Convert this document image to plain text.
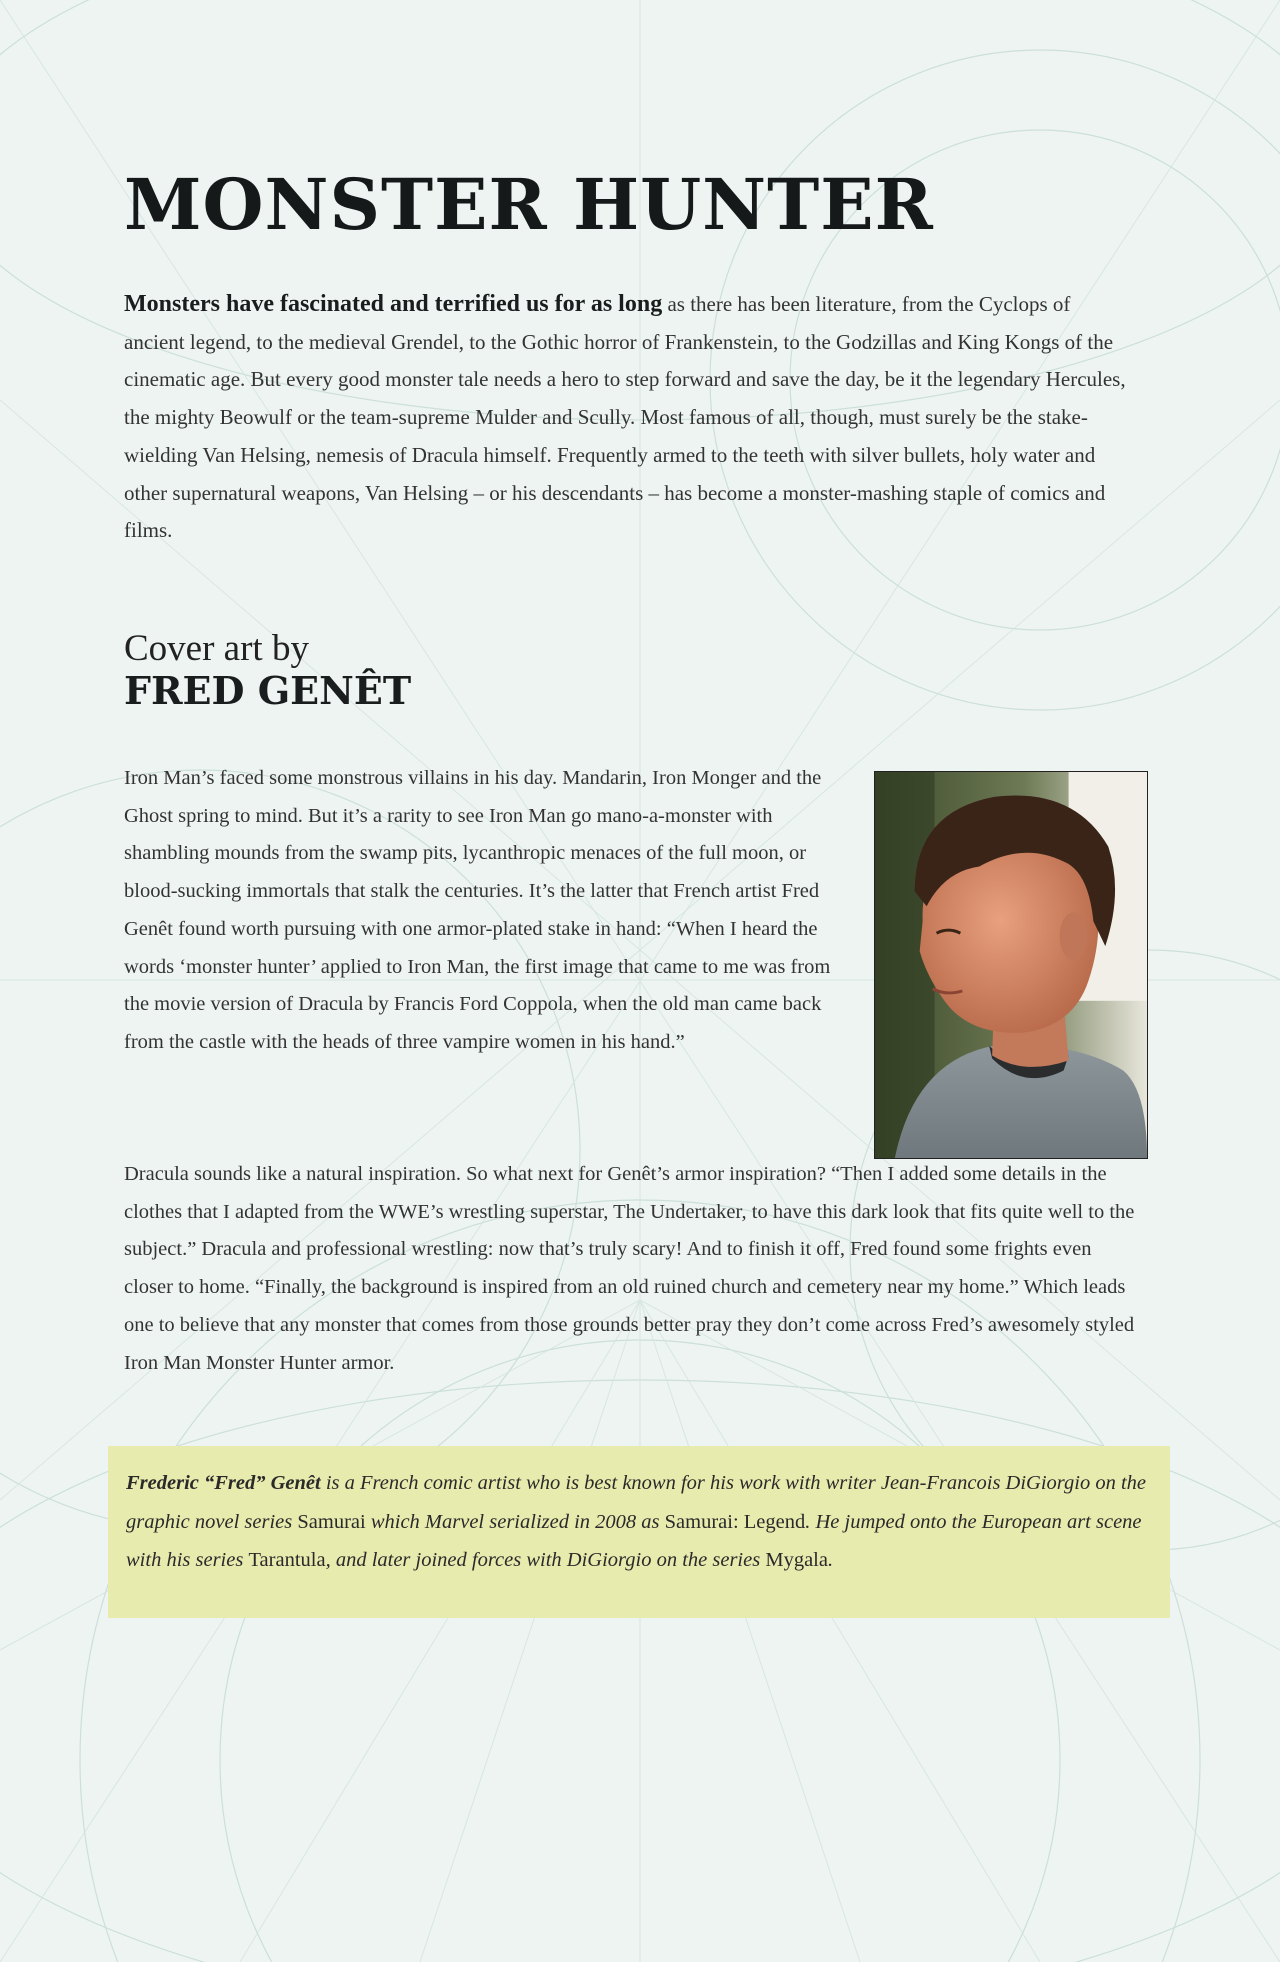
MONSTER HUNTER

Monsters have fascinated and terrified us for as long as there has been literature, from the Cyclops of ancient legend, to the medieval Grendel, to the Gothic horror of Frankenstein, to the Godzillas and King Kongs of the cinematic age. But every good monster tale needs a hero to step forward and save the day, be it the legendary Hercules, the mighty Beowulf or the team-supreme Mulder and Scully. Most famous of all, though, must surely be the stake-wielding Van Helsing, nemesis of Dracula himself. Frequently armed to the teeth with silver bullets, holy water and other supernatural weapons, Van Helsing – or his descendants – has become a monster-mashing staple of comics and films.

Cover art by
FRED GENÊT

Iron Man’s faced some monstrous villains in his day. Mandarin, Iron Monger and the Ghost spring to mind. But it’s a rarity to see Iron Man go mano-a-monster with shambling mounds from the swamp pits, lycanthropic menaces of the full moon, or blood-sucking immortals that stalk the centuries. It’s the latter that French artist Fred Genêt found worth pursuing with one armor-plated stake in hand: “When I heard the words ‘monster hunter’ applied to Iron Man, the first image that came to me was from the movie version of Dracula by Francis Ford Coppola, when the old man came back from the castle with the heads of three vampire women in his hand.”

Dracula sounds like a natural inspiration. So what next for Genêt’s armor inspiration? “Then I added some details in the clothes that I adapted from the WWE’s wrestling superstar, The Undertaker, to have this dark look that fits quite well to the subject.” Dracula and professional wrestling: now that’s truly scary! And to finish it off, Fred found some frights even closer to home. “Finally, the background is inspired from an old ruined church and cemetery near my home.” Which leads one to believe that any monster that comes from those grounds better pray they don’t come across Fred’s awesomely styled Iron Man Monster Hunter armor.

Frederic “Fred” Genêt is a French comic artist who is best known for his work with writer Jean-Francois DiGiorgio on the graphic novel series Samurai which Marvel serialized in 2008 as Samurai: Legend. He jumped onto the European art scene with his series Tarantula, and later joined forces with DiGiorgio on the series Mygala.
